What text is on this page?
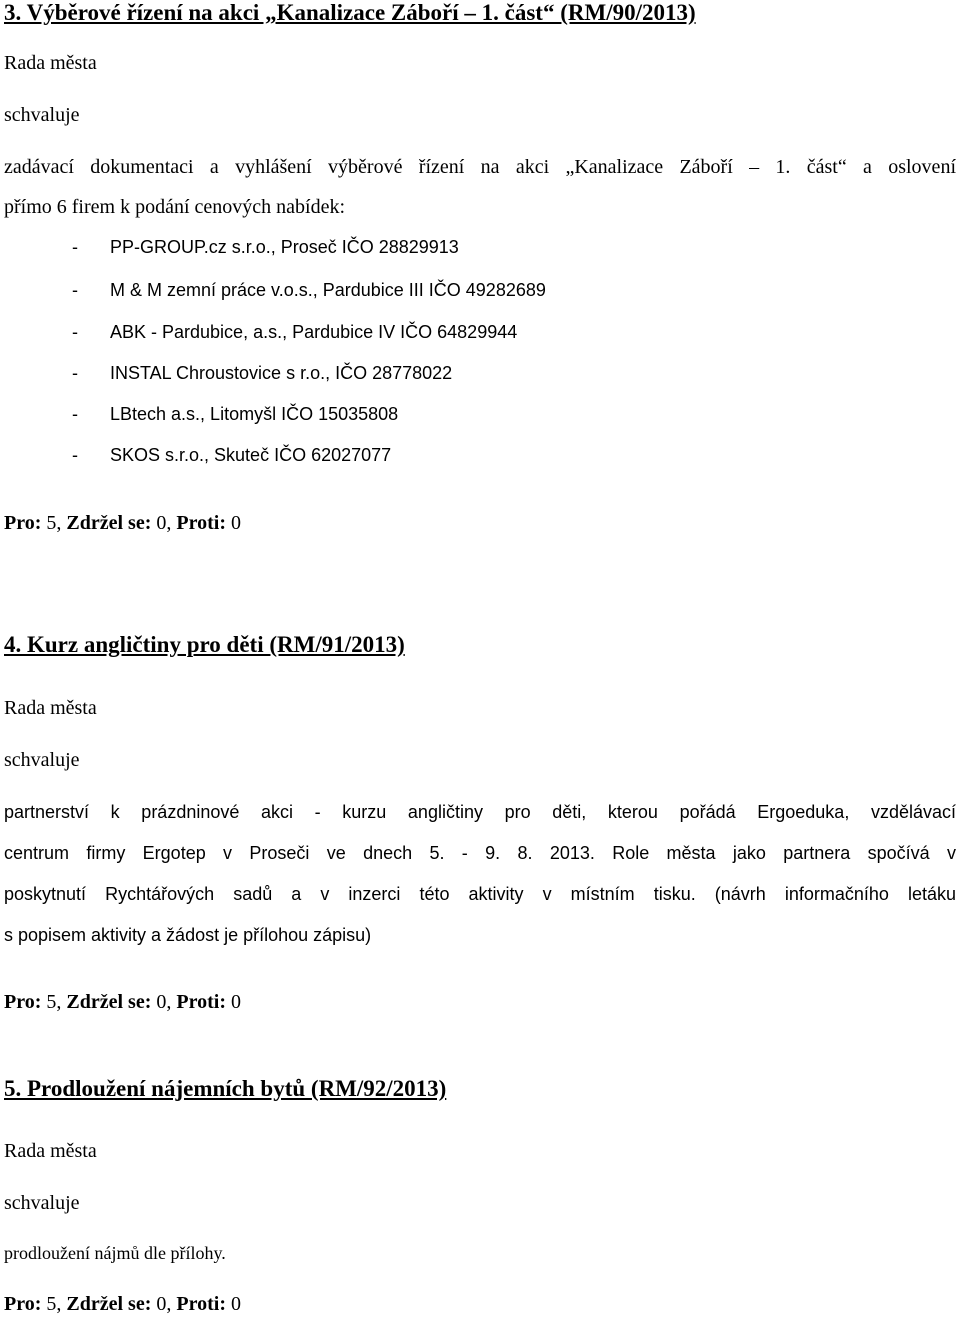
3. Výběrové řízení na akci „Kanalizace Záboří – 1. část“ (RM/90/2013)
Rada města
schvaluje
zadávací dokumentaci a vyhlášení výběrové řízení na akci „Kanalizace Záboří – 1. část“ a oslovení
přímo 6 firem k podání cenových nabídek:
- PP-GROUP.cz s.r.o., Proseč IČO 28829913
- M & M zemní práce v.o.s., Pardubice III IČO 49282689
- ABK - Pardubice, a.s., Pardubice IV IČO 64829944
- INSTAL Chroustovice s r.o., IČO 28778022
- LBtech a.s., Litomyšl IČO 15035808
- SKOS s.r.o., Skuteč IČO 62027077
Pro: 5, Zdržel se: 0, Proti: 0
4. Kurz angličtiny pro děti (RM/91/2013)
Rada města
schvaluje
partnerství k prázdninové akci - kurzu angličtiny pro děti, kterou pořádá Ergoeduka, vzdělávací
centrum firmy Ergotep v Proseči ve dnech 5. - 9. 8. 2013. Role města jako partnera spočívá v
poskytnutí Rychtářových sadů a v inzerci této aktivity v místním tisku. (návrh informačního letáku
s popisem aktivity a žádost je přílohou zápisu)
Pro: 5, Zdržel se: 0, Proti: 0
5. Prodloužení nájemních bytů (RM/92/2013)
Rada města
schvaluje
prodloužení nájmů dle přílohy.
Pro: 5, Zdržel se: 0, Proti: 0
